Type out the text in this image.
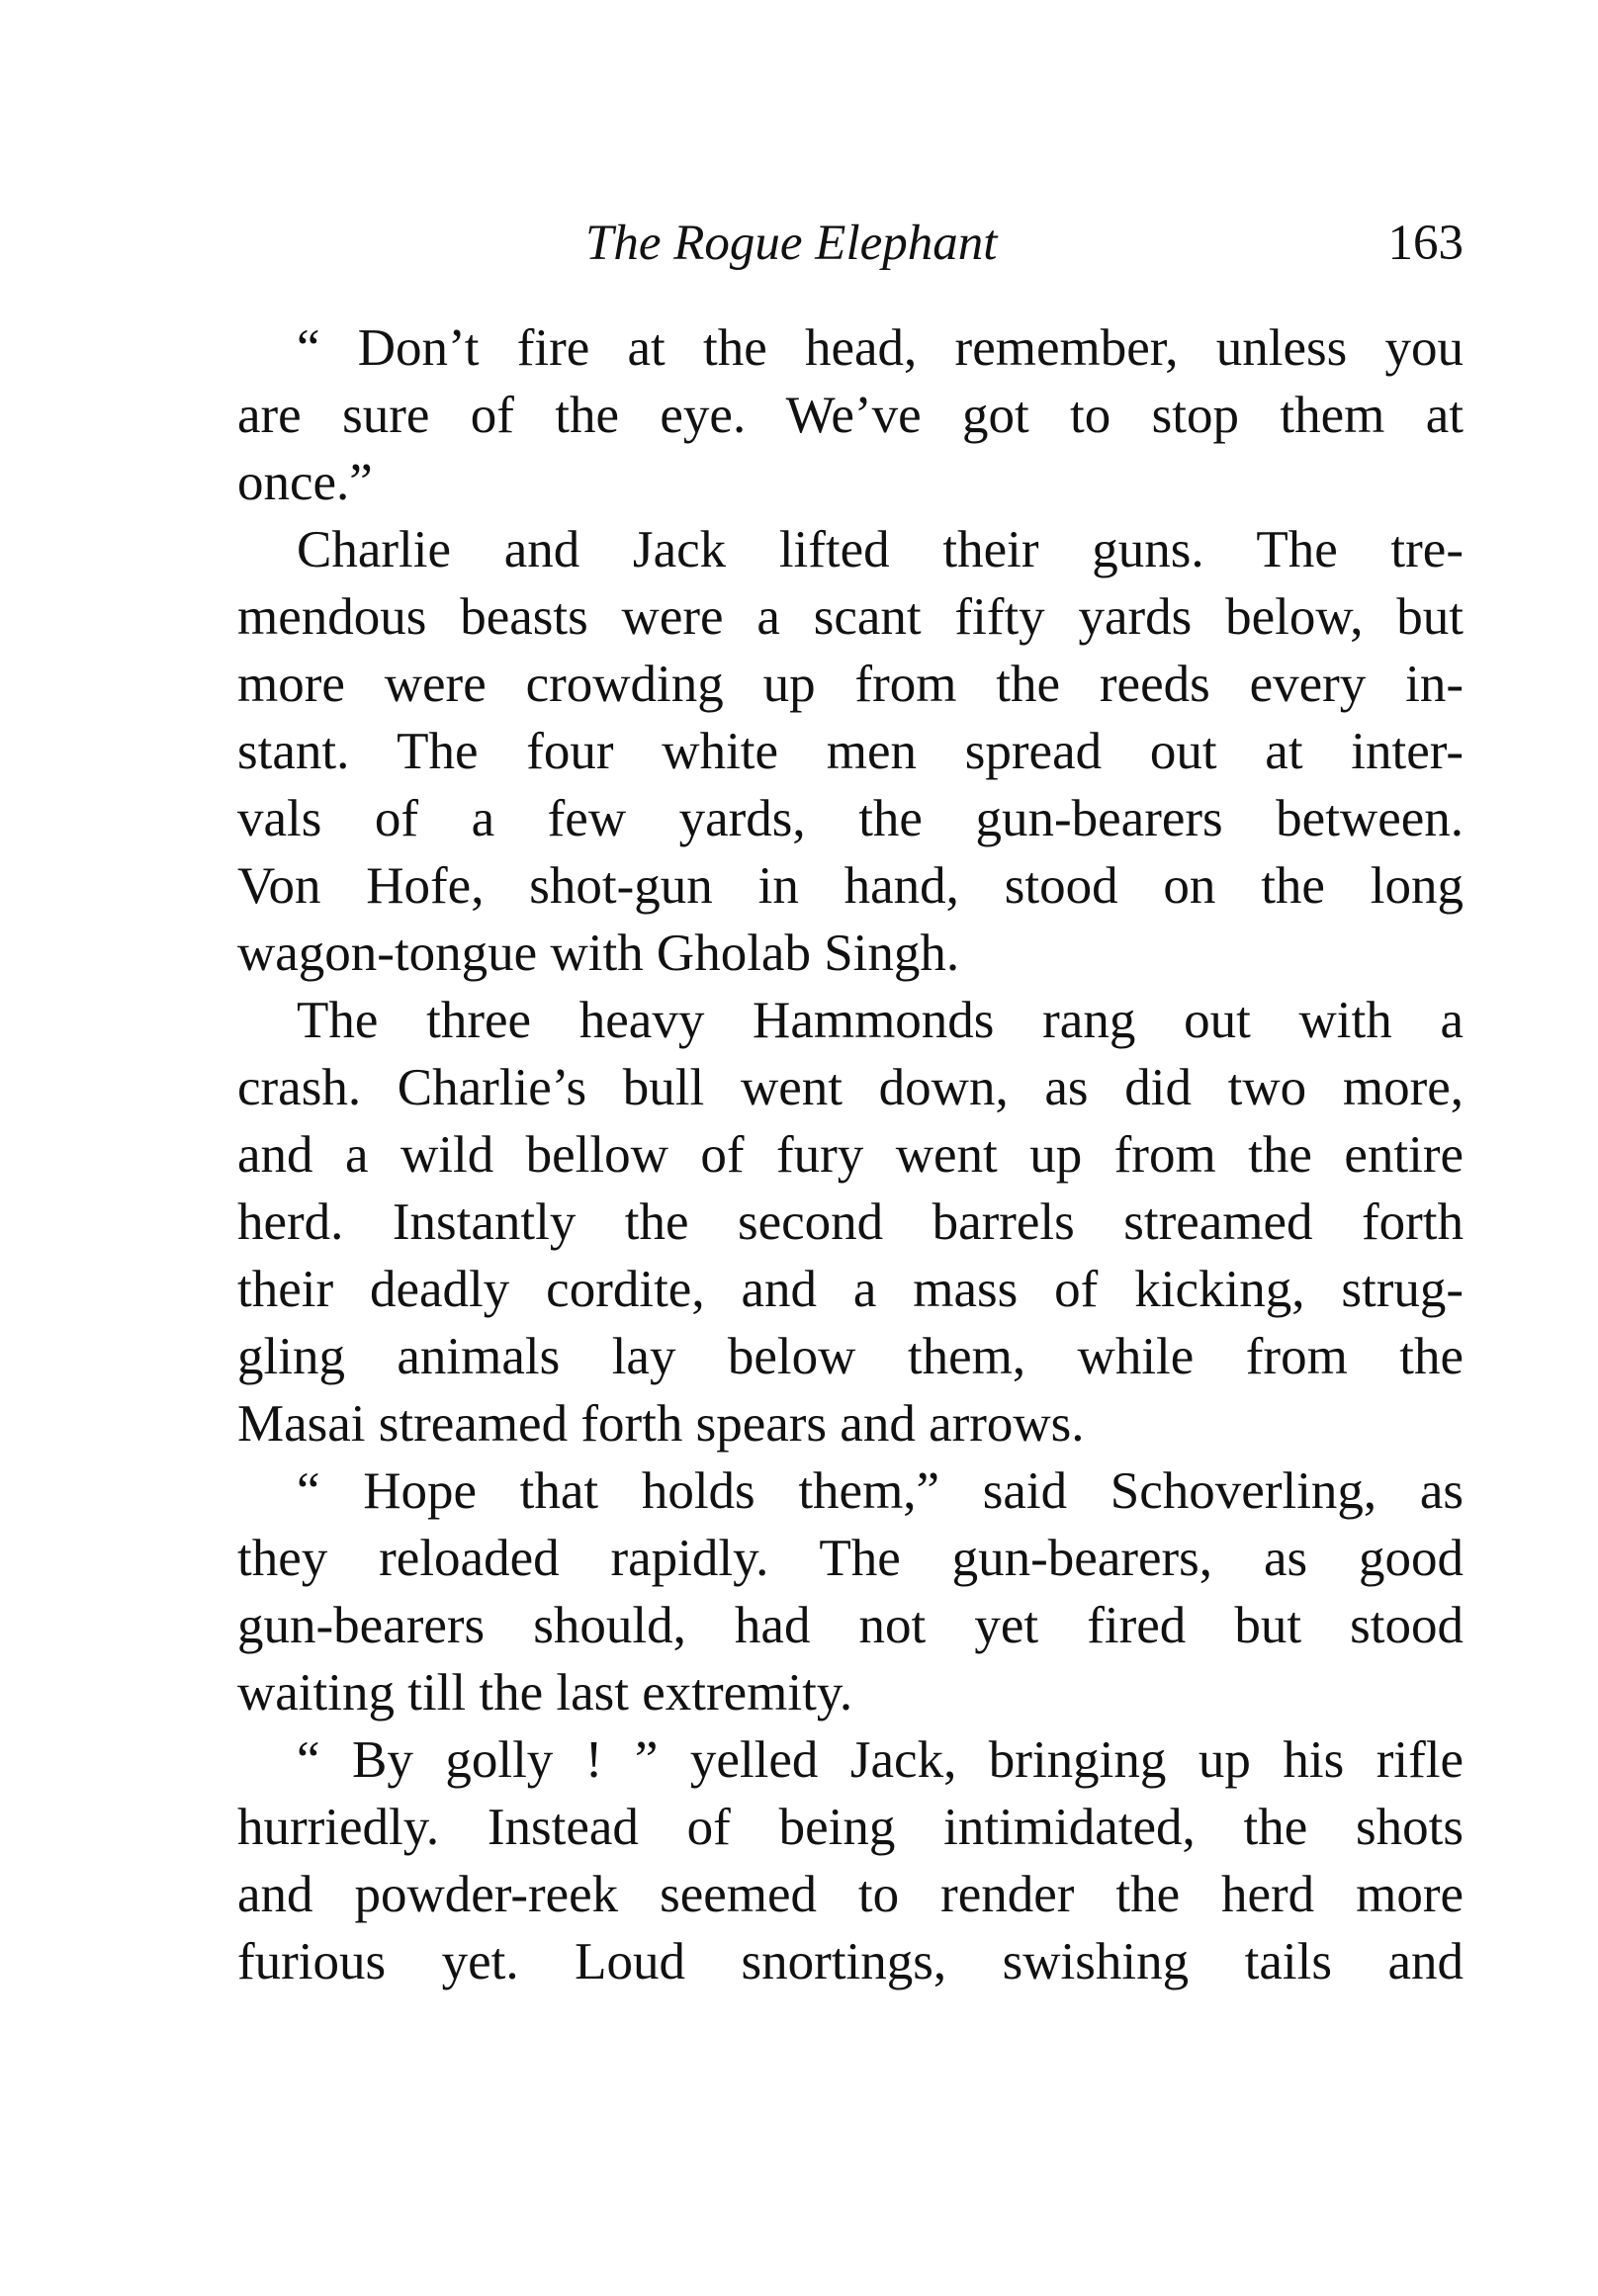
The Rogue Elephant	163
“ Don’t fire at the head, remember, unless you
are sure of the eye. We’ve got to stop them at
once.”
Charlie and Jack lifted their guns. The tre-
mendous beasts were a scant fifty yards below, but
more were crowding up from the reeds every in-
stant. The four white men spread out at inter-
vals of a few yards, the gun-bearers between.
Von Hofe, shot-gun in hand, stood on the long
wagon-tongue with Gholab Singh.
The three heavy Hammonds rang out with a
crash. Charlie’s bull went down, as did two more,
and a wild bellow of fury went up from the entire
herd. Instantly the second barrels streamed forth
their deadly cordite, and a mass of kicking, strug-
gling animals lay below them, while from the
Masai streamed forth spears and arrows.
“ Hope that holds them,” said Schoverling, as
they reloaded rapidly. The gun-bearers, as good
gun-bearers should, had not yet fired but stood
waiting till the last extremity.
“ By golly ! ” yelled Jack, bringing up his rifle
hurriedly. Instead of being intimidated, the shots
and powder-reek seemed to render the herd more
furious yet. Loud snortings, swishing tails and
